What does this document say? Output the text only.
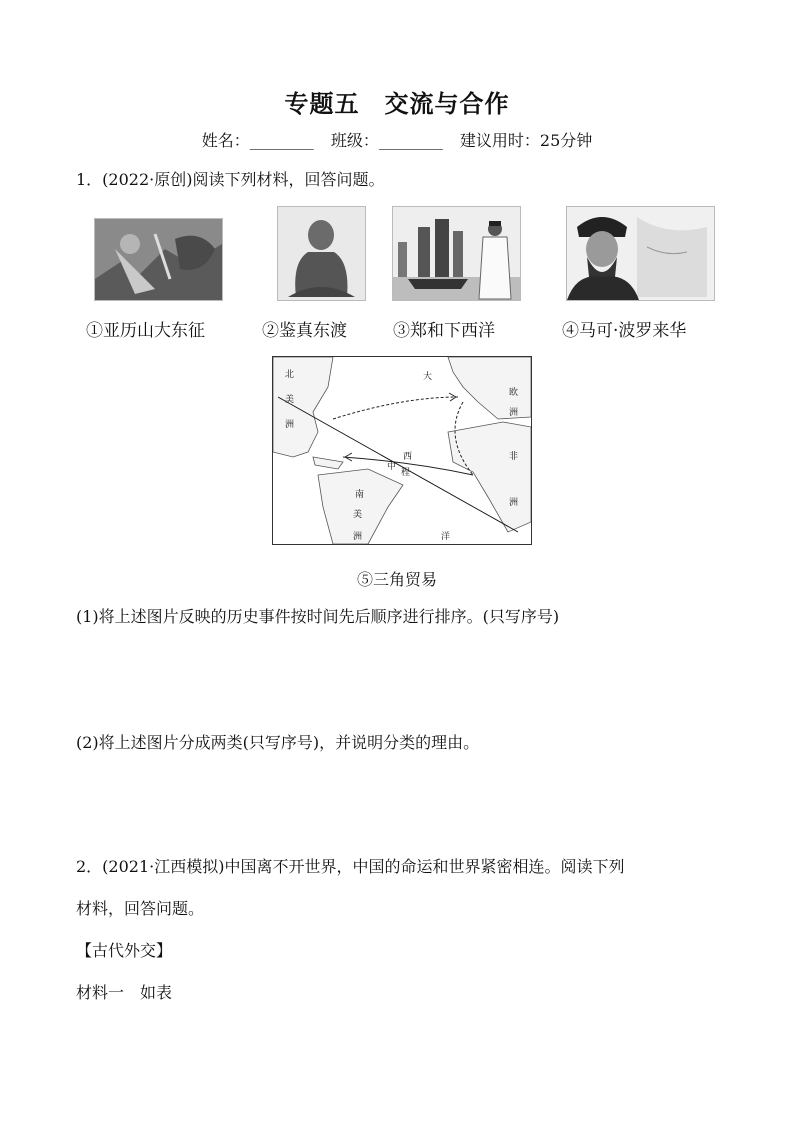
专题五　交流与合作
姓名：________ 班级：________ 建议用时：25分钟
1．(2022·原创)阅读下列材料，回答问题。
①亚历山大东征	②鉴真东渡	③郑和下西洋	④马可·波罗来华
北
美
洲
大
欧
洲
非
洲
南
美
洲
西
洋
中
程
⑤三角贸易
(1)将上述图片反映的历史事件按时间先后顺序进行排序。(只写序号)
(2)将上述图片分成两类(只写序号)，并说明分类的理由。
2．(2021·江西模拟)中国离不开世界，中国的命运和世界紧密相连。阅读下列
材料，回答问题。
【古代外交】
材料一　如表
